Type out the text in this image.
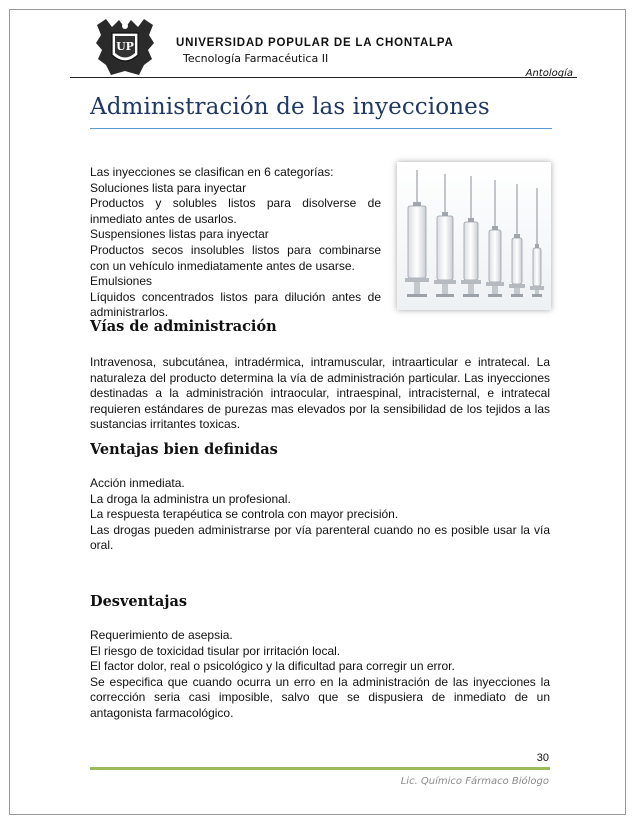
UP	UNIVERSIDAD POPULAR DE LA CHONTALPA
Tecnología Farmacéutica II
Antología
Administración de las inyecciones

Las inyecciones se clasifican en 6 categorías:

Soluciones lista para inyectar

Productos y solubles listos para disolverse de inmediato antes de usarlos.

Suspensiones listas para inyectar

Productos secos insolubles listos para combinarse con un vehículo inmediatamente antes de usarse.

Emulsiones

Líquidos concentrados listos para dilución antes de administrarlos.

Vías de administración

Intravenosa, subcutánea, intradérmica, intramuscular, intraarticular e intratecal. La naturaleza del producto determina la vía de administración particular. Las inyecciones destinadas a la administración intraocular, intraespinal, intracisternal, e intratecal requieren estándares de purezas mas elevados por la sensibilidad de los tejidos a las sustancias irritantes toxicas.

Ventajas bien definidas

Acción inmediata.

La droga la administra un profesional.

La respuesta terapéutica se controla con mayor precisión.

Las drogas pueden administrarse por vía parenteral cuando no es posible usar la vía oral.

Desventajas

Requerimiento de asepsia.

El riesgo de toxicidad tisular por irritación local.

El factor dolor, real o psicológico y la dificultad para corregir un error.

Se especifica que cuando ocurra un erro en la administración de las inyecciones la corrección seria casi imposible, salvo que se dispusiera de inmediato de un antagonista farmacológico.

30
Lic. Químico Fármaco Biólogo
